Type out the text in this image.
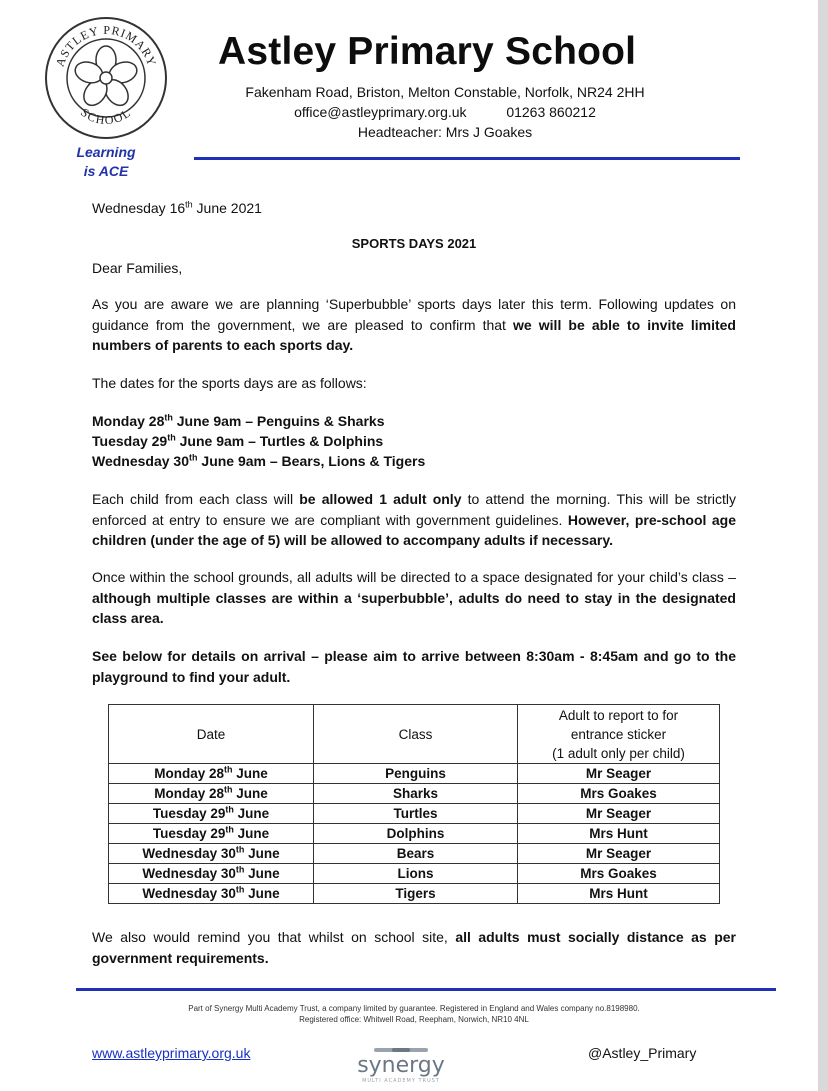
ASTLEY PRIMARY
SCHOOL
Learning
is ACE
Astley Primary School
Fakenham Road, Briston, Melton Constable, Norfolk, NR24 2HH
office@astleyprimary.org.uk	01263 860212
Headteacher: Mrs J Goakes
Wednesday 16th June 2021
SPORTS DAYS 2021
Dear Families,
As you are aware we are planning ‘Superbubble’ sports days later this term. Following updates on guidance from the government, we are pleased to confirm that we will be able to invite limited numbers of parents to each sports day.
The dates for the sports days are as follows:
Monday 28th June 9am – Penguins & Sharks
Tuesday 29th June 9am – Turtles & Dolphins
Wednesday 30th June 9am – Bears, Lions & Tigers
Each child from each class will be allowed 1 adult only to attend the morning. This will be strictly enforced at entry to ensure we are compliant with government guidelines. However, pre-school age children (under the age of 5) will be allowed to accompany adults if necessary.
Once within the school grounds, all adults will be directed to a space designated for your child’s class – although multiple classes are within a ‘superbubble’, adults do need to stay in the designated class area.
See below for details on arrival – please aim to arrive between 8:30am - 8:45am and go to the playground to find your adult.
Date	Class	Adult to report to for
entrance sticker
(1 adult only per child)

Monday 28th June	Penguins	Mr Seager
Monday 28th June	Sharks	Mrs Goakes
Tuesday 29th June	Turtles	Mr Seager
Tuesday 29th June	Dolphins	Mrs Hunt
Wednesday 30th June	Bears	Mr Seager
Wednesday 30th June	Lions	Mrs Goakes
Wednesday 30th June	Tigers	Mrs Hunt
We also would remind you that whilst on school site, all adults must socially distance as per government requirements.
Part of Synergy Multi Academy Trust, a company limited by guarantee. Registered in England and Wales company no.8198980.
Registered office: Whitwell Road, Reepham, Norwich, NR10 4NL
www.astleyprimary.org.uk	synergy
MULTI ACADEMY TRUST
@Astley_Primary
